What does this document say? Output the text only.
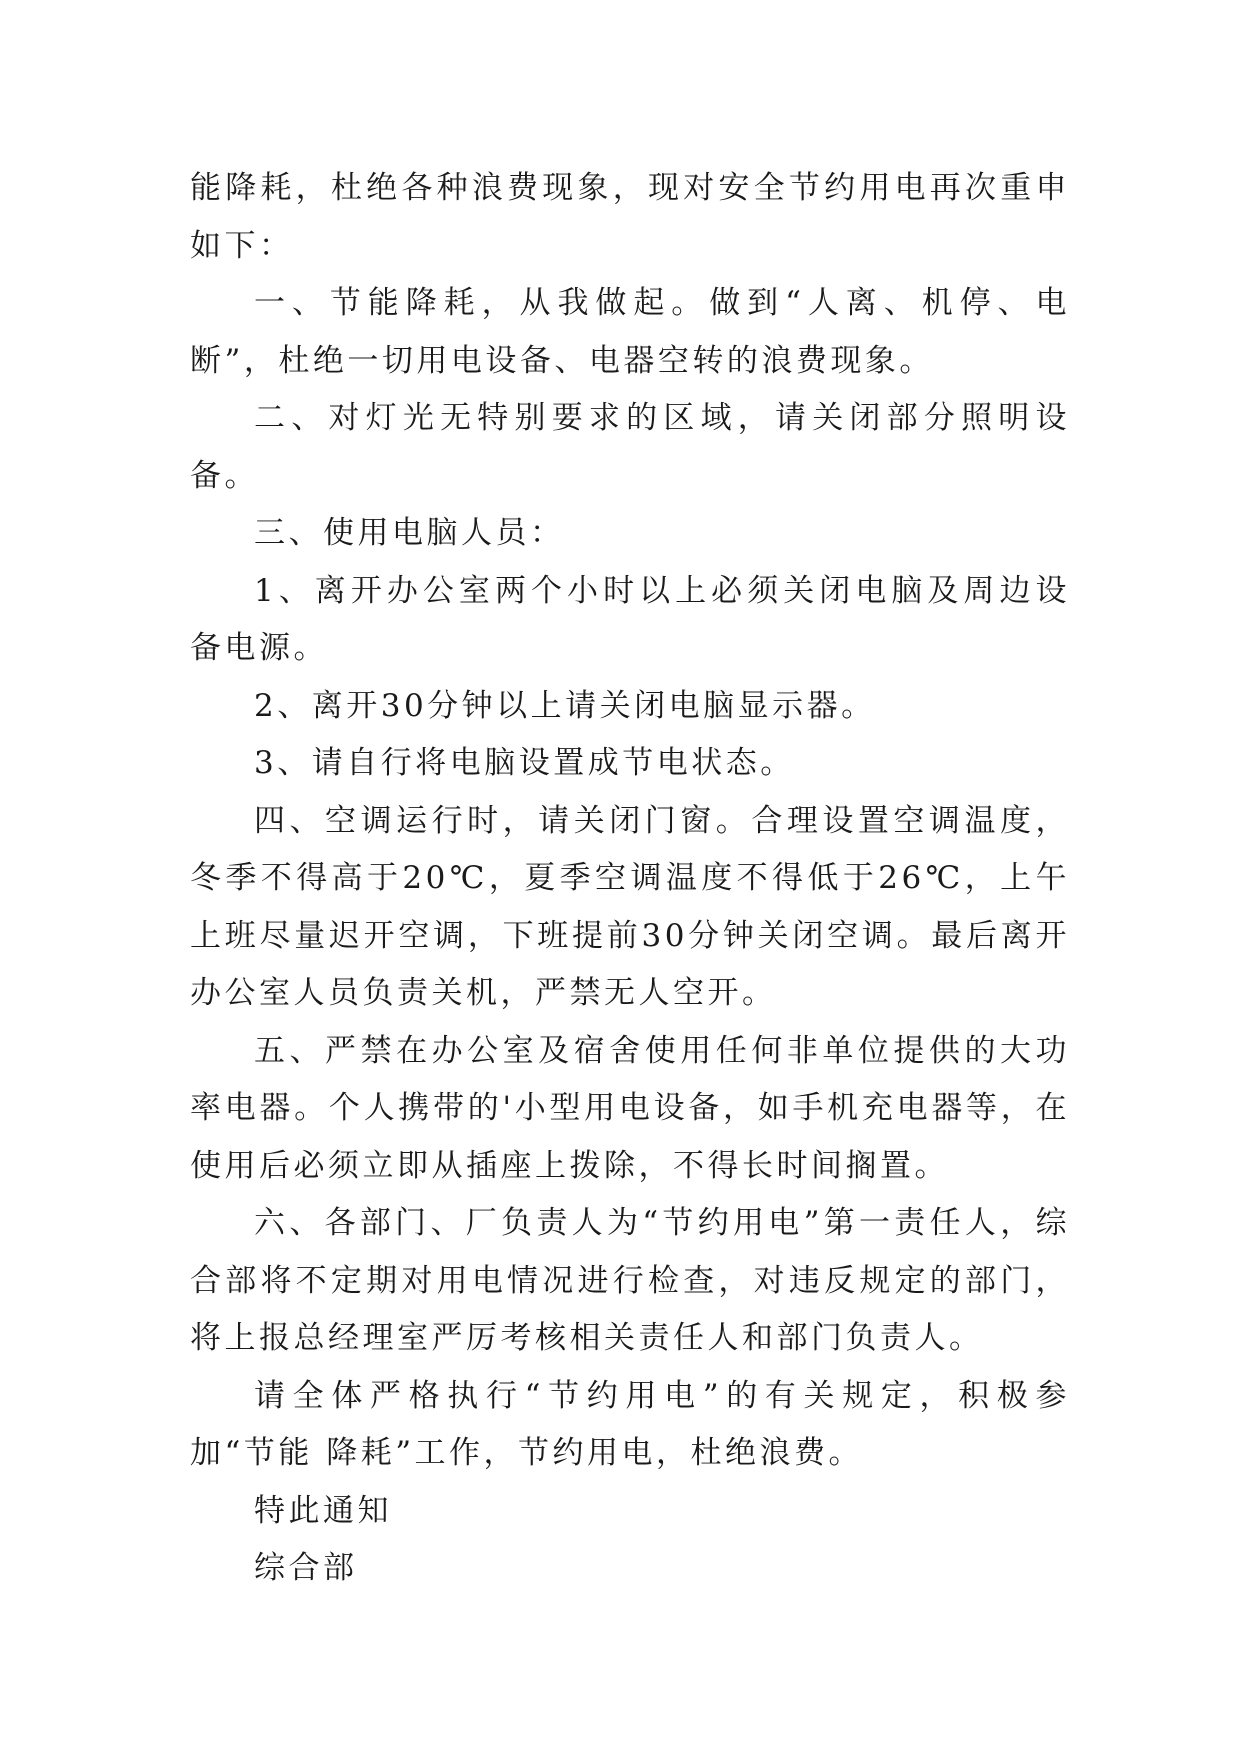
能降耗，杜绝各种浪费现象，现对安全节约用电再次重申如下：

一、节能降耗，从我做起。做到“人离、机停、电断”，杜绝一切用电设备、电器空转的浪费现象。

二、对灯光无特别要求的区域，请关闭部分照明设备。

三、使用电脑人员：

1、离开办公室两个小时以上必须关闭电脑及周边设备电源。

2、离开30分钟以上请关闭电脑显示器。

3、请自行将电脑设置成节电状态。

四、空调运行时，请关闭门窗。合理设置空调温度，冬季不得高于20℃，夏季空调温度不得低于26℃，上午上班尽量迟开空调，下班提前30分钟关闭空调。最后离开办公室人员负责关机，严禁无人空开。

五、严禁在办公室及宿舍使用任何非单位提供的大功率电器。个人携带的'小型用电设备，如手机充电器等，在使用后必须立即从插座上拨除，不得长时间搁置。

六、各部门、厂负责人为“节约用电”第一责任人，综合部将不定期对用电情况进行检查，对违反规定的部门，将上报总经理室严厉考核相关责任人和部门负责人。

请全体严格执行“节约用电”的有关规定，积极参加“节能 降耗”工作，节约用电，杜绝浪费。

特此通知

综合部
